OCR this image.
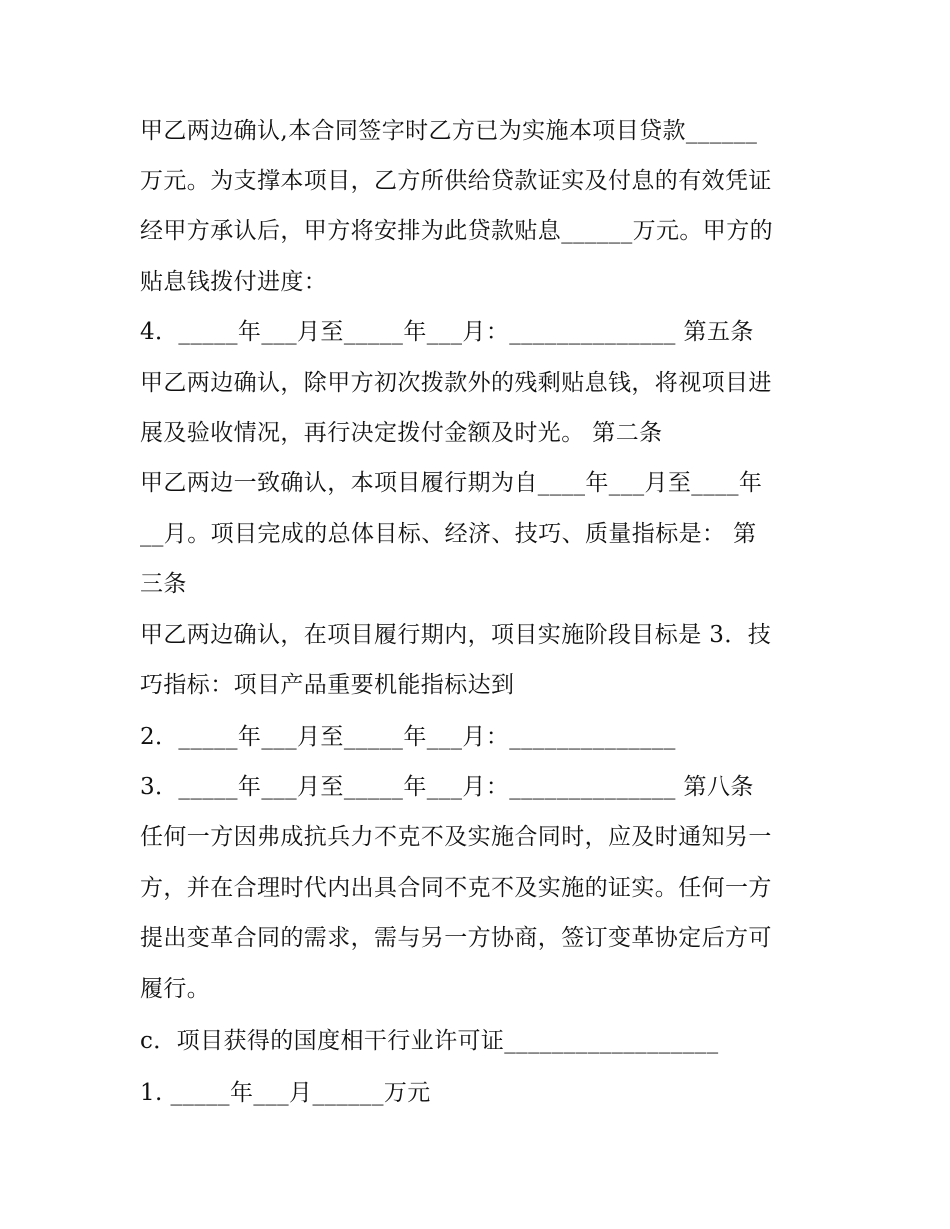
甲乙两边确认,本合同签字时乙方已为实施本项目贷款______
万元。为支撑本项目，乙方所供给贷款证实及付息的有效凭证
经甲方承认后，甲方将安排为此贷款贴息______万元。甲方的
贴息钱拨付进度：
4．_____年___月至_____年___月：______________ 第五条
甲乙两边确认，除甲方初次拨款外的残剩贴息钱，将视项目进
展及验收情况，再行决定拨付金额及时光。 第二条
甲乙两边一致确认，本项目履行期为自____年___月至____年
__月。项目完成的总体目标、经济、技巧、质量指标是： 第
三条
甲乙两边确认，在项目履行期内，项目实施阶段目标是 3．技
巧指标：项目产品重要机能指标达到
2．_____年___月至_____年___月：______________
3．_____年___月至_____年___月：______________ 第八条
任何一方因弗成抗兵力不克不及实施合同时，应及时通知另一
方，并在合理时代内出具合同不克不及实施的证实。任何一方
提出变革合同的需求，需与另一方协商，签订变革协定后方可
履行。
c．项目获得的国度相干行业许可证__________________
1. _____年___月______万元
